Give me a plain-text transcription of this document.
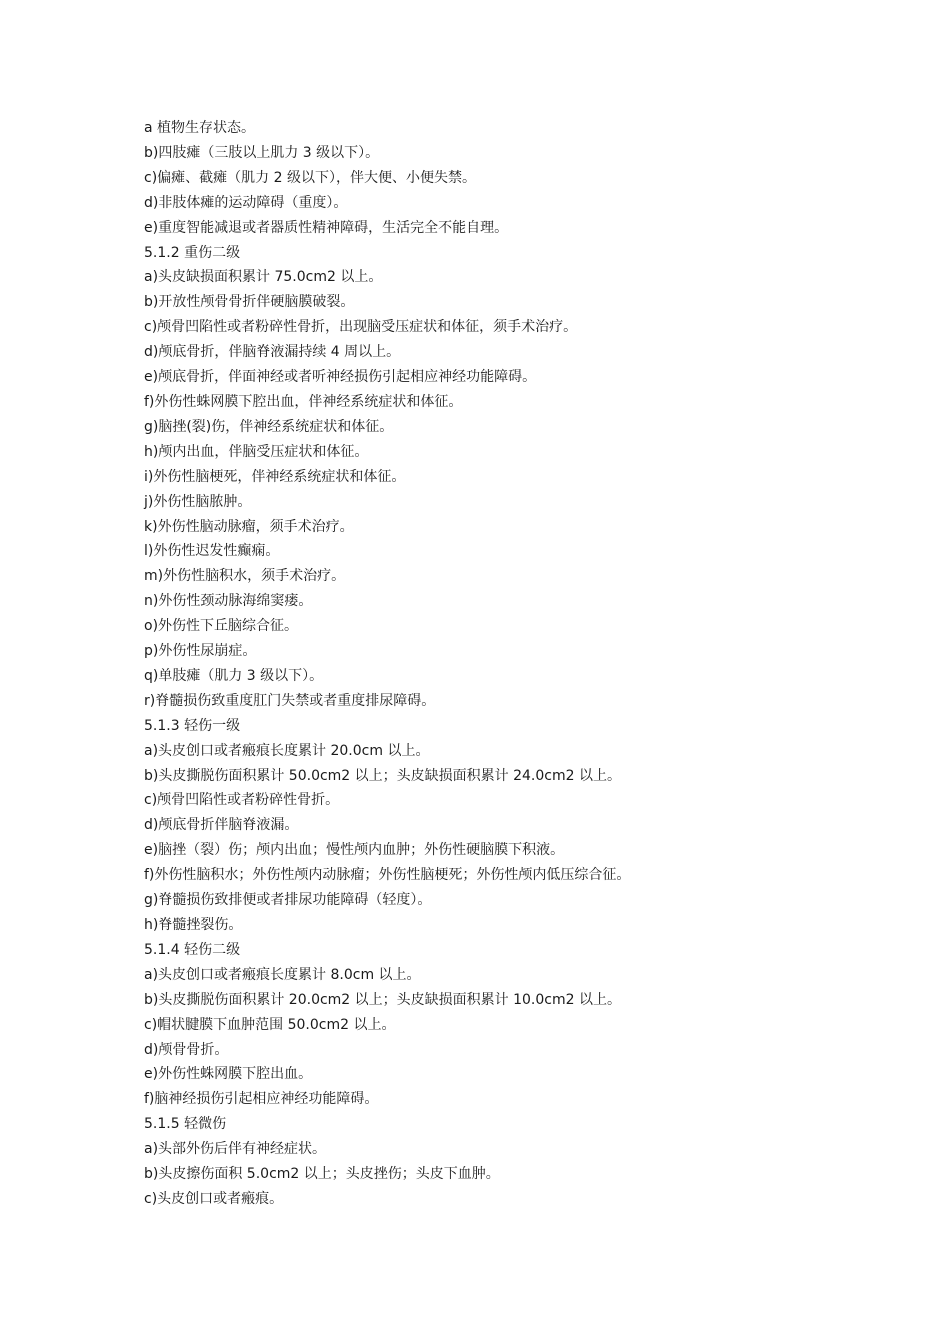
a 植物生存状态。

b)四肢瘫（三肢以上肌力 3 级以下）。

c)偏瘫、截瘫（肌力 2 级以下），伴大便、小便失禁。

d)非肢体瘫的运动障碍（重度）。

e)重度智能减退或者器质性精神障碍，生活完全不能自理。

5.1.2 重伤二级

a)头皮缺损面积累计 75.0cm2 以上。

b)开放性颅骨骨折伴硬脑膜破裂。

c)颅骨凹陷性或者粉碎性骨折，出现脑受压症状和体征，须手术治疗。

d)颅底骨折，伴脑脊液漏持续 4 周以上。

e)颅底骨折，伴面神经或者听神经损伤引起相应神经功能障碍。

f)外伤性蛛网膜下腔出血，伴神经系统症状和体征。

g)脑挫(裂)伤，伴神经系统症状和体征。

h)颅内出血，伴脑受压症状和体征。

i)外伤性脑梗死，伴神经系统症状和体征。

j)外伤性脑脓肿。

k)外伤性脑动脉瘤，须手术治疗。

l)外伤性迟发性癫痫。

m)外伤性脑积水，须手术治疗。

n)外伤性颈动脉海绵窦瘘。

o)外伤性下丘脑综合征。

p)外伤性尿崩症。

q)单肢瘫（肌力 3 级以下）。

r)脊髓损伤致重度肛门失禁或者重度排尿障碍。

5.1.3 轻伤一级

a)头皮创口或者瘢痕长度累计 20.0cm 以上。

b)头皮撕脱伤面积累计 50.0cm2 以上；头皮缺损面积累计 24.0cm2 以上。

c)颅骨凹陷性或者粉碎性骨折。

d)颅底骨折伴脑脊液漏。

e)脑挫（裂）伤；颅内出血；慢性颅内血肿；外伤性硬脑膜下积液。

f)外伤性脑积水；外伤性颅内动脉瘤；外伤性脑梗死；外伤性颅内低压综合征。

g)脊髓损伤致排便或者排尿功能障碍（轻度）。

h)脊髓挫裂伤。

5.1.4 轻伤二级

a)头皮创口或者瘢痕长度累计 8.0cm 以上。

b)头皮撕脱伤面积累计 20.0cm2 以上；头皮缺损面积累计 10.0cm2 以上。

c)帽状腱膜下血肿范围 50.0cm2 以上。

d)颅骨骨折。

e)外伤性蛛网膜下腔出血。

f)脑神经损伤引起相应神经功能障碍。

5.1.5 轻微伤

a)头部外伤后伴有神经症状。

b)头皮擦伤面积 5.0cm2 以上；头皮挫伤；头皮下血肿。

c)头皮创口或者瘢痕。
